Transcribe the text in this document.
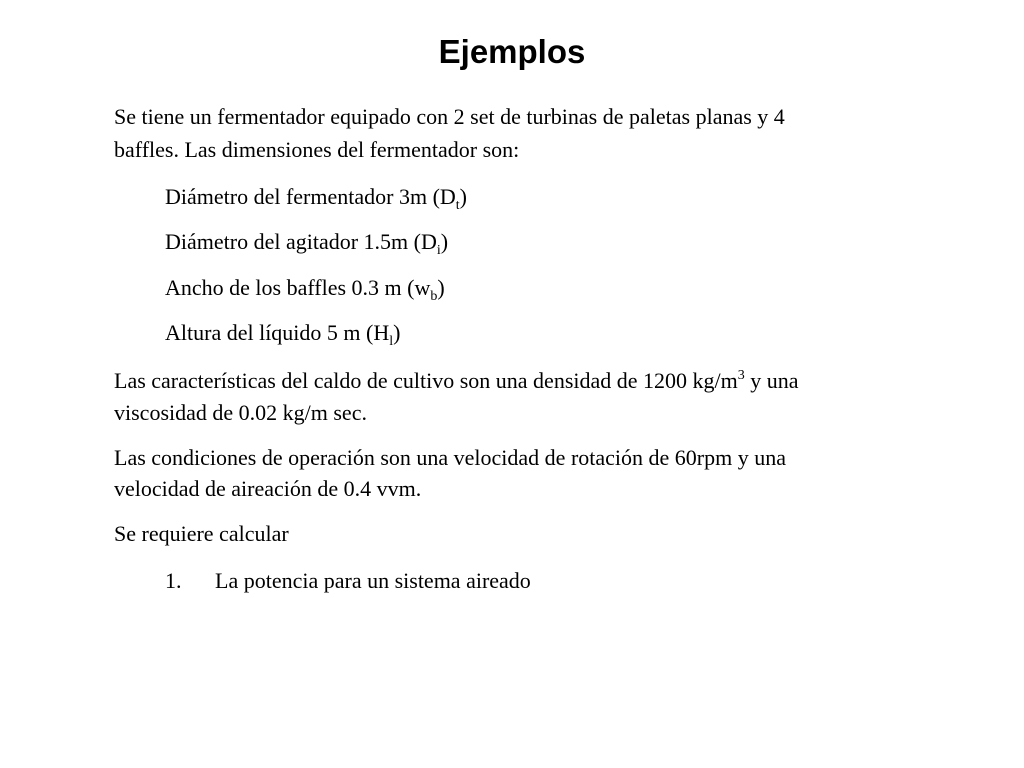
Ejemplos
Se tiene un fermentador equipado con 2 set de turbinas de paletas planas y 4
baffles. Las dimensiones del fermentador son:
Diámetro del fermentador 3m $(D_t)$
Diámetro del agitador 1.5m $(D_i)$
Ancho de los baffles 0.3 m $(w_b)$
Altura del líquido 5 m $(H_l)$
Las características del caldo de cultivo son una densidad de 1200 $kg/m^3$ y una
viscosidad de 0.02 kg/m sec.
Las condiciones de operación son una velocidad de rotación de 60rpm y una
velocidad de aireación de 0.4 vvm.
Se requiere calcular
1. La potencia para un sistema aireado
